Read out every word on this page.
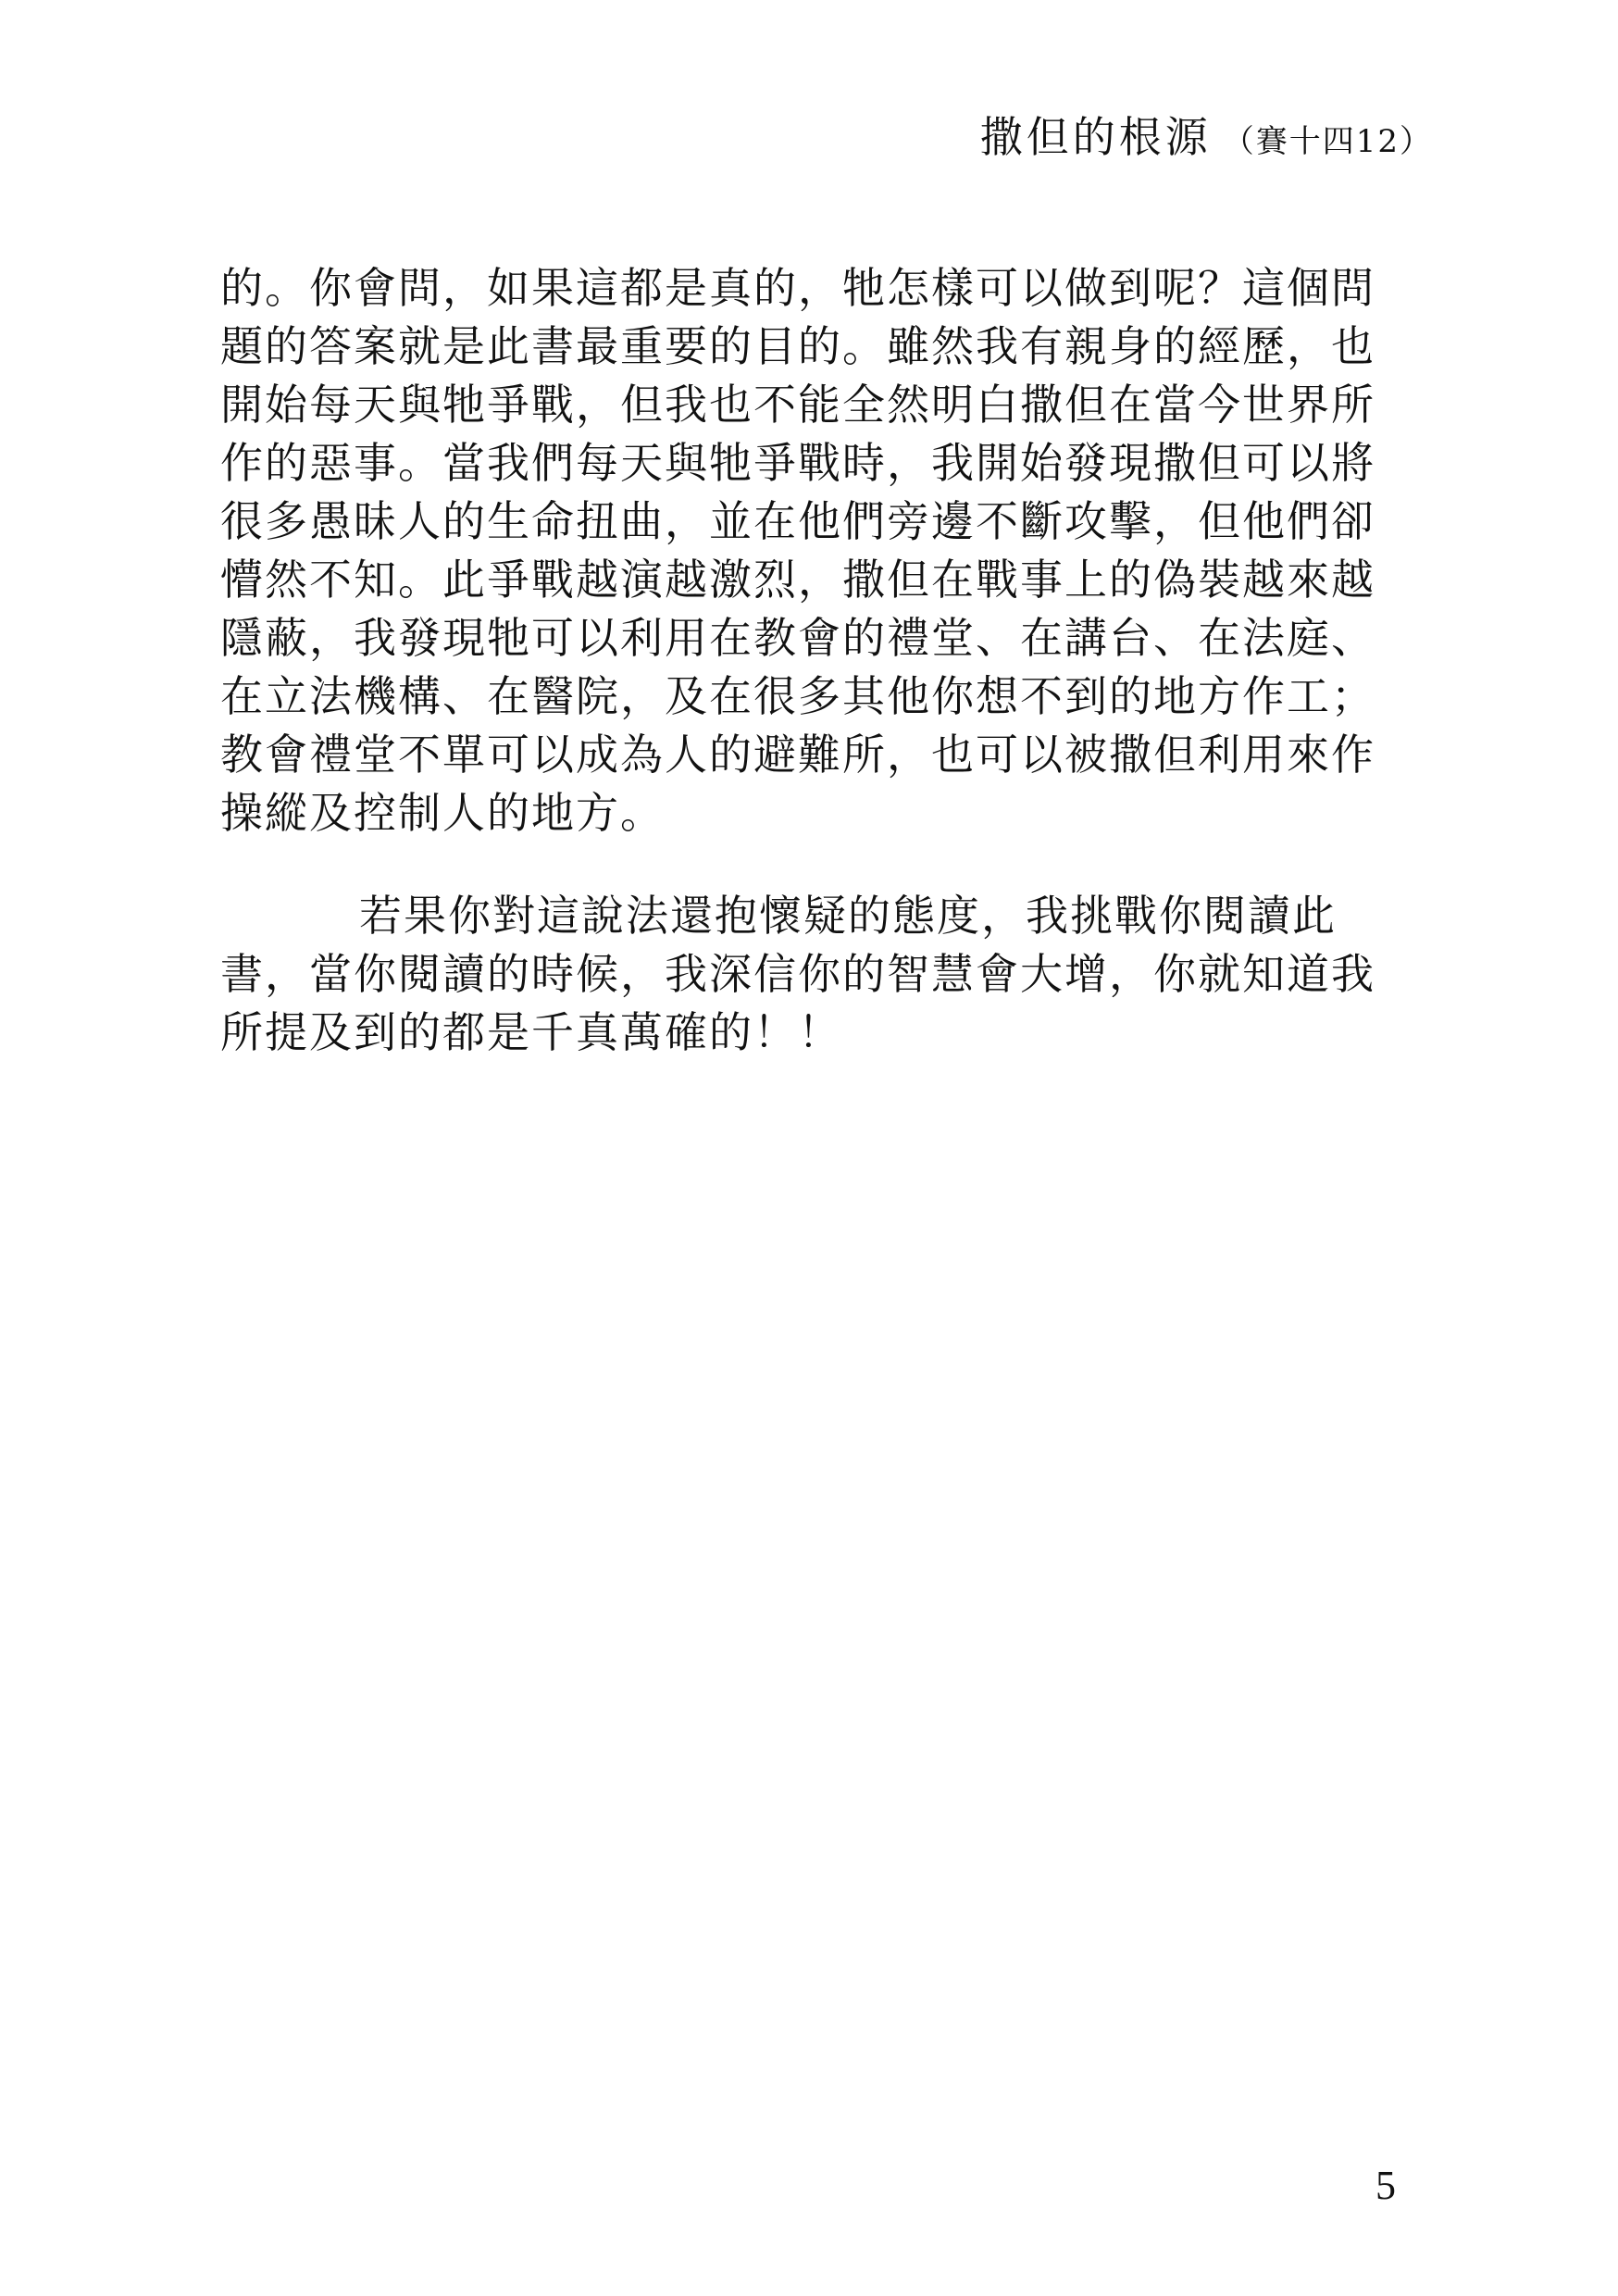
撒但的根源 （賽十四12）
的。你會問，如果這都是真的，牠怎樣可以做到呢？這個問
題的答案就是此書最重要的目的。雖然我有親身的經歷，也
開始每天與牠爭戰，但我也不能全然明白撒但在當今世界所
作的惡事。當我們每天與牠爭戰時，我開始發現撒但可以將
很多愚昧人的生命扭曲，並在他們旁邊不斷攻擊，但他們卻
懵然不知。此爭戰越演越激烈，撒但在戰事上的偽裝越來越
隱蔽，我發現牠可以利用在教會的禮堂、在講台、在法庭、
在立法機構、在醫院，及在很多其他你想不到的地方作工；
教會禮堂不單可以成為人的避難所，也可以被撒但利用來作
操縱及控制人的地方。
若果你對這說法還抱懷疑的態度，我挑戰你閱讀此
書，當你閱讀的時候，我深信你的智慧會大增，你就知道我
所提及到的都是千真萬確的！！
5
